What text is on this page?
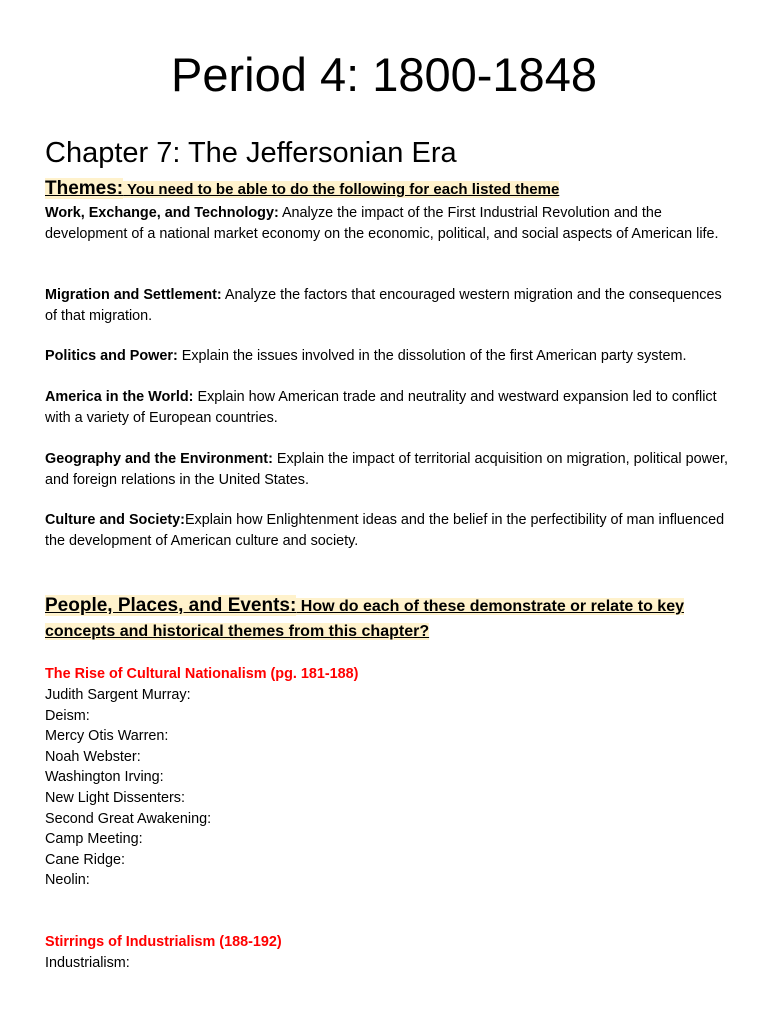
Period 4: 1800-1848
Chapter 7: The Jeffersonian Era
Themes: You need to be able to do the following for each listed theme
Work, Exchange, and Technology: Analyze the impact of the First Industrial Revolution and the development of a national market economy on the economic, political, and social aspects of American life.
Migration and Settlement: Analyze the factors that encouraged western migration and the consequences of that migration.
Politics and Power: Explain the issues involved in the dissolution of the first American party system.
America in the World: Explain how American trade and neutrality and westward expansion led to conflict with a variety of European countries.
Geography and the Environment: Explain the impact of territorial acquisition on migration, political power, and foreign relations in the United States.
Culture and Society:Explain how Enlightenment ideas and the belief in the perfectibility of man influenced the development of American culture and society.
People, Places, and Events: How do each of these demonstrate or relate to key concepts and historical themes from this chapter?
The Rise of Cultural Nationalism (pg. 181-188)
Judith Sargent Murray:
Deism:
Mercy Otis Warren:
Noah Webster:
Washington Irving:
New Light Dissenters:
Second Great Awakening:
Camp Meeting:
Cane Ridge:
Neolin:
Stirrings of Industrialism (188-192)
Industrialism:
